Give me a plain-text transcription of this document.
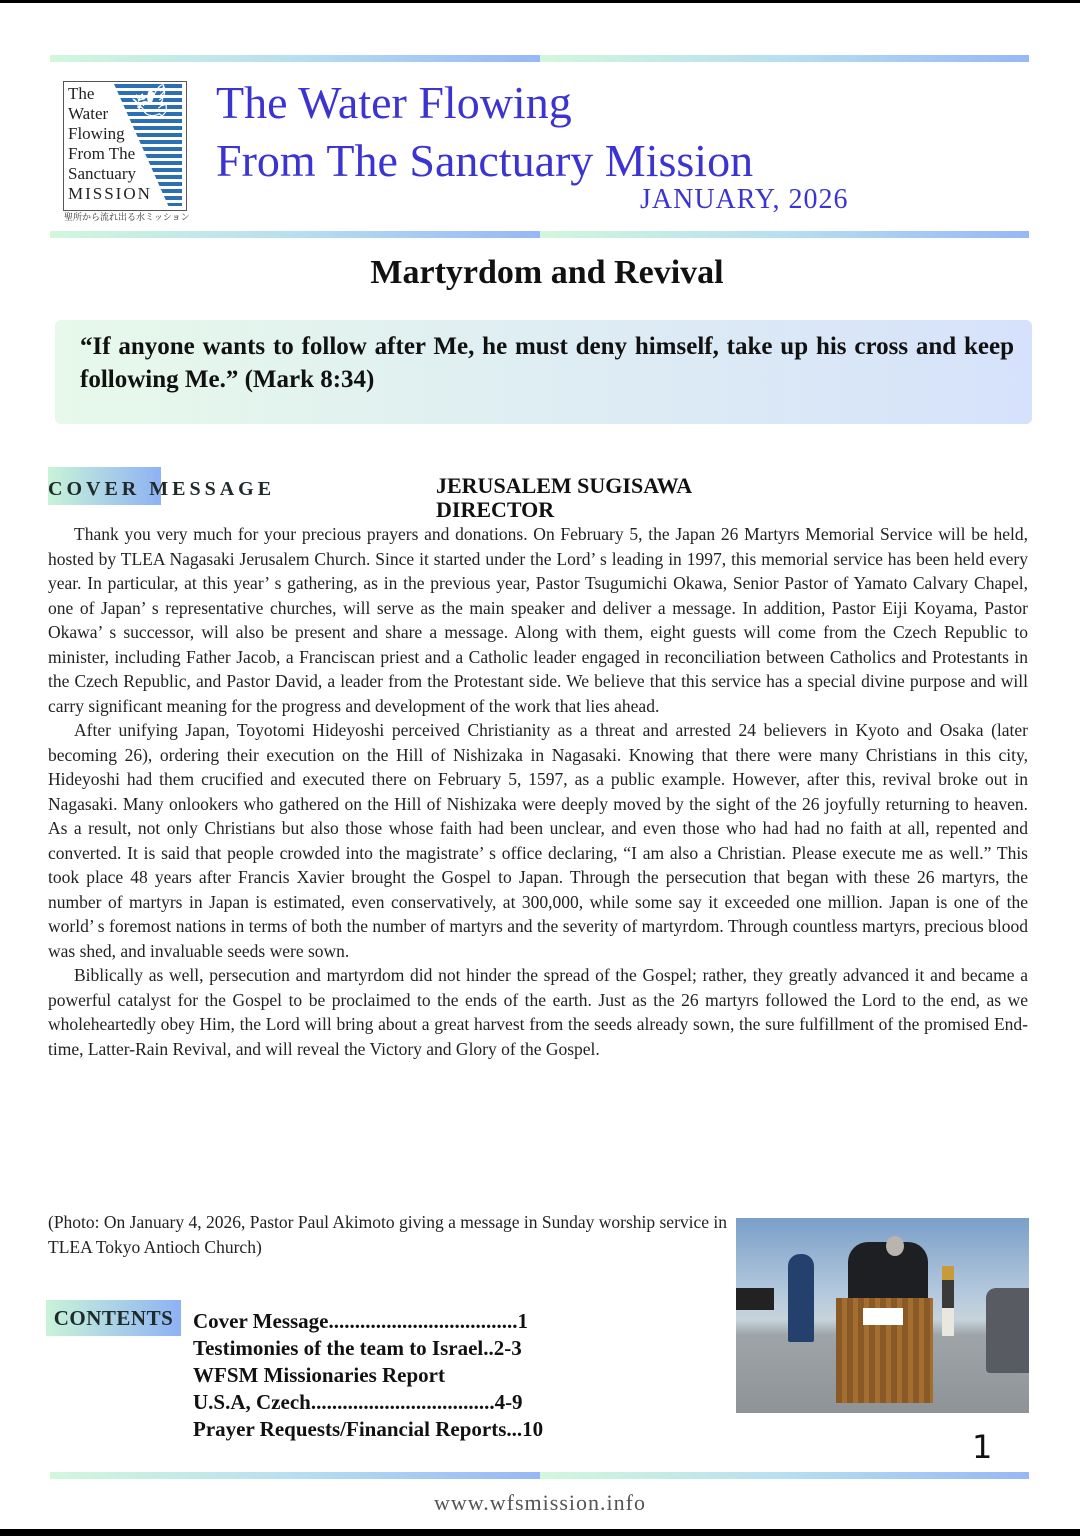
🕊
The
Water
Flowing
From The
Sanctuary
MISSION
聖所から流れ出る水ミッション
The Water Flowing
From The Sanctuary Mission
JANUARY, 2026
Martyrdom and Revival
“If anyone wants to follow after Me, he must deny himself, take up his cross and keep following Me.” (Mark 8:34)
COVER MESSAGE	JERUSALEM SUGISAWA
DIRECTOR

Thank you very much for your precious prayers and donations. On February 5, the Japan 26 Martyrs Memorial Service will be held, hosted by TLEA Nagasaki Jerusalem Church. Since it started under the Lord’ s leading in 1997, this memorial service has been held every year. In particular, at this year’ s gathering, as in the previous year, Pastor Tsugumichi Okawa, Senior Pastor of Yamato Calvary Chapel, one of Japan’ s representative churches, will serve as the main speaker and deliver a message. In addition, Pastor Eiji Koyama, Pastor Okawa’ s successor, will also be present and share a message. Along with them, eight guests will come from the Czech Republic to minister, including Father Jacob, a Franciscan priest and a Catholic leader engaged in reconciliation between Catholics and Protestants in the Czech Republic, and Pastor David, a leader from the Protestant side. We believe that this service has a special divine purpose and will carry significant meaning for the progress and development of the work that lies ahead.

After unifying Japan, Toyotomi Hideyoshi perceived Christianity as a threat and arrested 24 believers in Kyoto and Osaka (later becoming 26), ordering their execution on the Hill of Nishizaka in Nagasaki. Knowing that there were many Christians in this city, Hideyoshi had them crucified and executed there on February 5, 1597, as a public example. However, after this, revival broke out in Nagasaki. Many onlookers who gathered on the Hill of Nishizaka were deeply moved by the sight of the 26 joyfully returning to heaven. As a result, not only Christians but also those whose faith had been unclear, and even those who had had no faith at all, repented and converted. It is said that people crowded into the magistrate’ s office declaring, “I am also a Christian. Please execute me as well.” This took place 48 years after Francis Xavier brought the Gospel to Japan. Through the persecution that began with these 26 martyrs, the number of martyrs in Japan is estimated, even conservatively, at 300,000, while some say it exceeded one million. Japan is one of the world’ s foremost nations in terms of both the number of martyrs and the severity of martyrdom. Through countless martyrs, precious blood was shed, and invaluable seeds were sown.

Biblically as well, persecution and martyrdom did not hinder the spread of the Gospel; rather, they greatly advanced it and became a powerful catalyst for the Gospel to be proclaimed to the ends of the earth. Just as the 26 martyrs followed the Lord to the end, as we wholeheartedly obey Him, the Lord will bring about a great harvest from the seeds already sown, the sure fulfillment of the promised End-time, Latter-Rain Revival, and will reveal the Victory and Glory of the Gospel.

(Photo: On January 4, 2026, Pastor Paul Akimoto giving a message in Sunday worship service in TLEA Tokyo Antioch Church)
CONTENTS Cover Message....................................1
Testimonies of the team to Israel..2-3
WFSM Missionaries Report
U.S.A, Czech...................................4-9
Prayer Requests/Financial Reports...10	1
www.wfsmission.info
